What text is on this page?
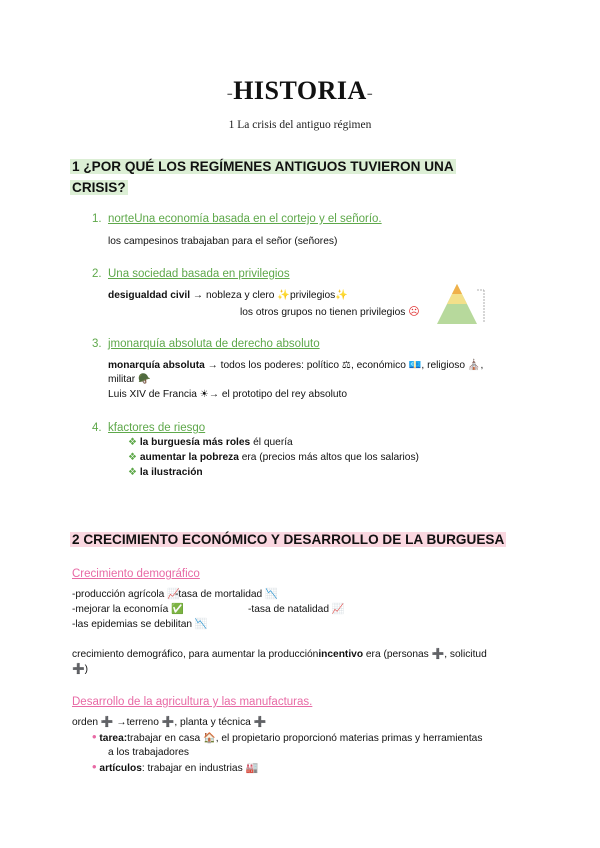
-HISTORIA-
1 La crisis del antiguo régimen
1 ¿POR QUÉ LOS REGÍMENES ANTIGUOS TUVIERON UNA
CRISIS?
1. norteUna economía basada en el cortejo y el señorío.
los campesinos trabajaban para el señor (señores)
2. Una sociedad basada en privilegios
desigualdad civil → nobleza y clero ✨privilegios✨
los otros grupos no tienen privilegios ☹
3. jmonarquía absoluta de derecho absoluto
monarquía absoluta → todos los poderes: político ⚖, económico 💶, religioso ⛪,
militar 🪖
Luis XIV de Francia ☀→ el prototipo del rey absoluto
4. kfactores de riesgo
❖ la burguesía más roles él quería
❖ aumentar la pobreza era (precios más altos que los salarios)
❖ la ilustración
2 CRECIMIENTO ECONÓMICO Y DESARROLLO DE LA BURGUESA
Crecimiento demográfico
-producción agrícola 📈
-mejorar la economía ✅
-las epidemias se debilitan 📉
-tasa de mortalidad 📉
-tasa de natalidad 📈
crecimiento demográfico, para aumentar la producciónincentivo era (personas ➕, solicitud
➕)
Desarrollo de la agricultura y las manufacturas.
orden ➕ →terreno ➕, planta y técnica ➕
• tarea:trabajar en casa 🏠, el propietario proporcionó materias primas y herramientas
a los trabajadores
• artículos: trabajar en industrias 🏭
